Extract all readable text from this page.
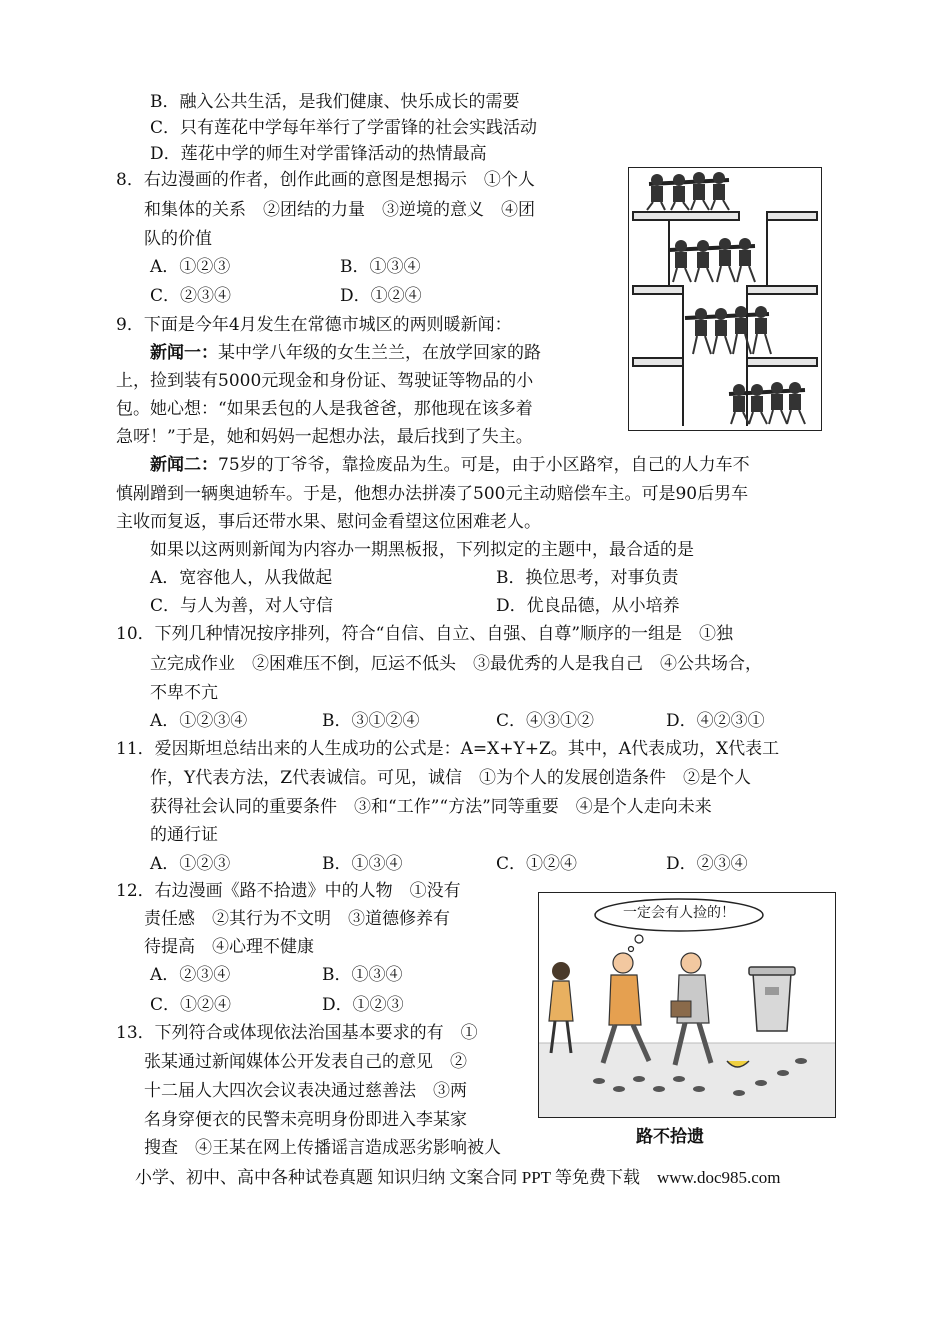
B．融入公共生活，是我们健康、快乐成长的需要
C．只有莲花中学每年举行了学雷锋的社会实践活动
D．莲花中学的师生对学雷锋活动的热情最高
8．右边漫画的作者，创作此画的意图是想揭示　①个人
和集体的关系　②团结的力量　③逆境的意义　④团
队的价值
A．①②③	B．①③④
C．②③④	D．①②④
9．下面是今年4月发生在常德市城区的两则暖新闻：
新闻一：某中学八年级的女生兰兰，在放学回家的路
上，捡到装有5000元现金和身份证、驾驶证等物品的小
包。她心想：“如果丢包的人是我爸爸，那他现在该多着
急呀！”于是，她和妈妈一起想办法，最后找到了失主。
新闻二：75岁的丁爷爷，靠捡废品为生。可是，由于小区路窄，自己的人力车不
慎剐蹭到一辆奥迪轿车。于是，他想办法拼凑了500元主动赔偿车主。可是90后男车
主收而复返，事后还带水果、慰问金看望这位困难老人。
如果以这两则新闻为内容办一期黑板报，下列拟定的主题中，最合适的是
A．宽容他人，从我做起	B．换位思考，对事负责
C．与人为善，对人守信	D．优良品德，从小培养
10．下列几种情况按序排列，符合“自信、自立、自强、自尊”顺序的一组是　①独
立完成作业　②困难压不倒，厄运不低头　③最优秀的人是我自己　④公共场合，
不卑不亢
A．①②③④	B．③①②④	C．④③①②	D．④②③①
11．爱因斯坦总结出来的人生成功的公式是：A=X+Y+Z。其中，A代表成功，X代表工
作，Y代表方法，Z代表诚信。可见，诚信　①为个人的发展创造条件　②是个人
获得社会认同的重要条件　③和“工作”“方法”同等重要　④是个人走向未来
的通行证
A．①②③	B．①③④	C．①②④	D．②③④
12．右边漫画《路不拾遗》中的人物　①没有
责任感　②其行为不文明　③道德修养有
待提高　④心理不健康
A．②③④	B．①③④
C．①②④	D．①②③
一定会有人捡的！
路不拾遗
13．下列符合或体现依法治国基本要求的有　①
张某通过新闻媒体公开发表自己的意见　②
十二届人大四次会议表决通过慈善法　③两
名身穿便衣的民警未亮明身份即进入李某家
搜查　④王某在网上传播谣言造成恶劣影响被人
小学、初中、高中各种试卷真题 知识归纳 文案合同 PPT 等免费下载　www.doc985.com
